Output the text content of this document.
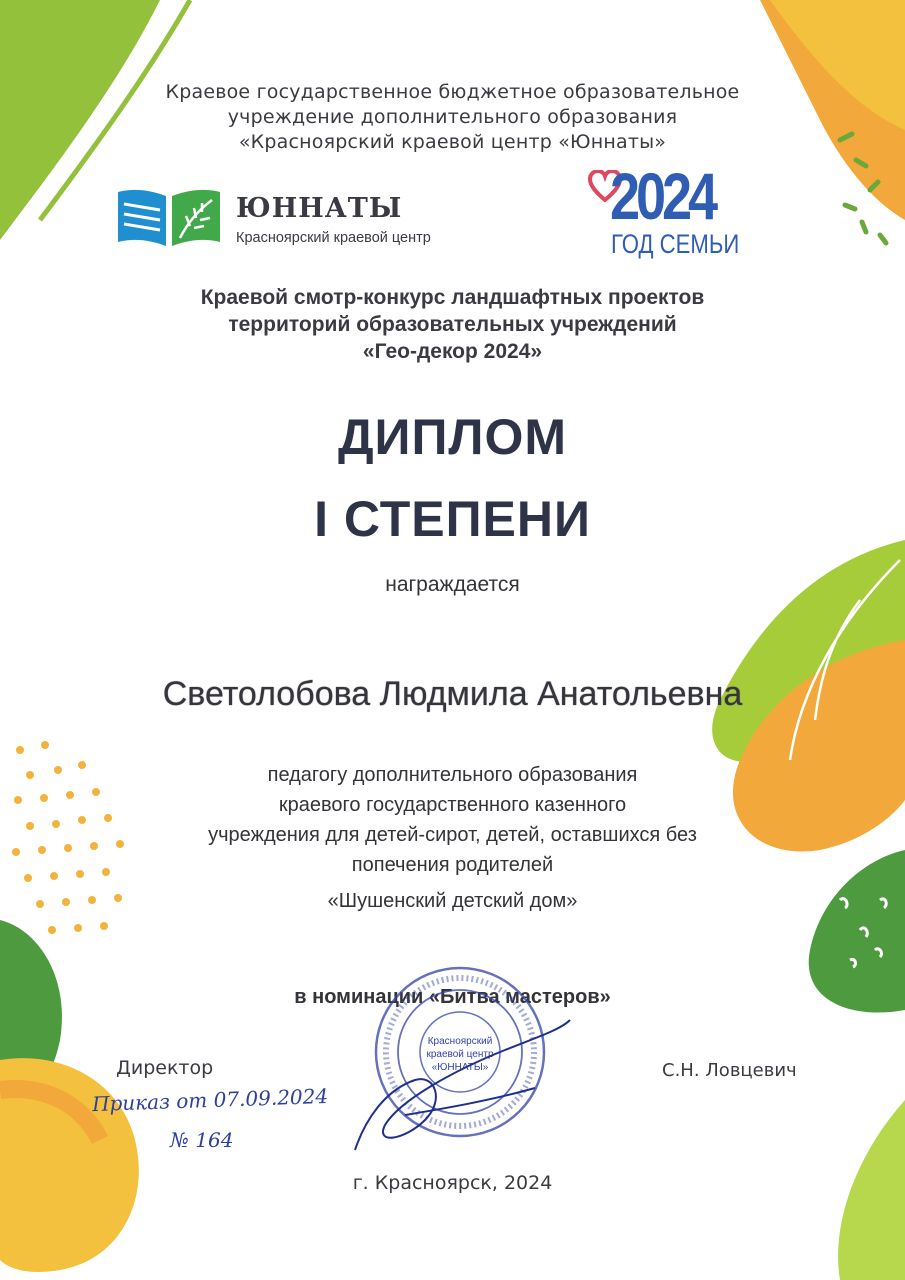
Краевое государственное бюджетное образовательное
учреждение дополнительного образования
«Красноярский краевой центр «Юннаты»
ЮННАТЫ
Красноярский краевой центр
2024
ГОД СЕМЬИ
Краевой смотр-конкурс ландшафтных проектов
территорий образовательных учреждений
«Гео-декор 2024»
ДИПЛОМ
I СТЕПЕНИ
награждается
Светолобова Людмила Анатольевна
педагогу дополнительного образования
краевого государственного казенного
учреждения для детей-сирот, детей, оставшихся без
попечения родителей
«Шушенский детский дом»
в номинации «Битва мастеров»
Красноярский
краевой центр
«ЮННАТЫ»
Директор	С.Н. Ловцевич
Приказ от 07.09.2024
№ 164
г. Красноярск, 2024
